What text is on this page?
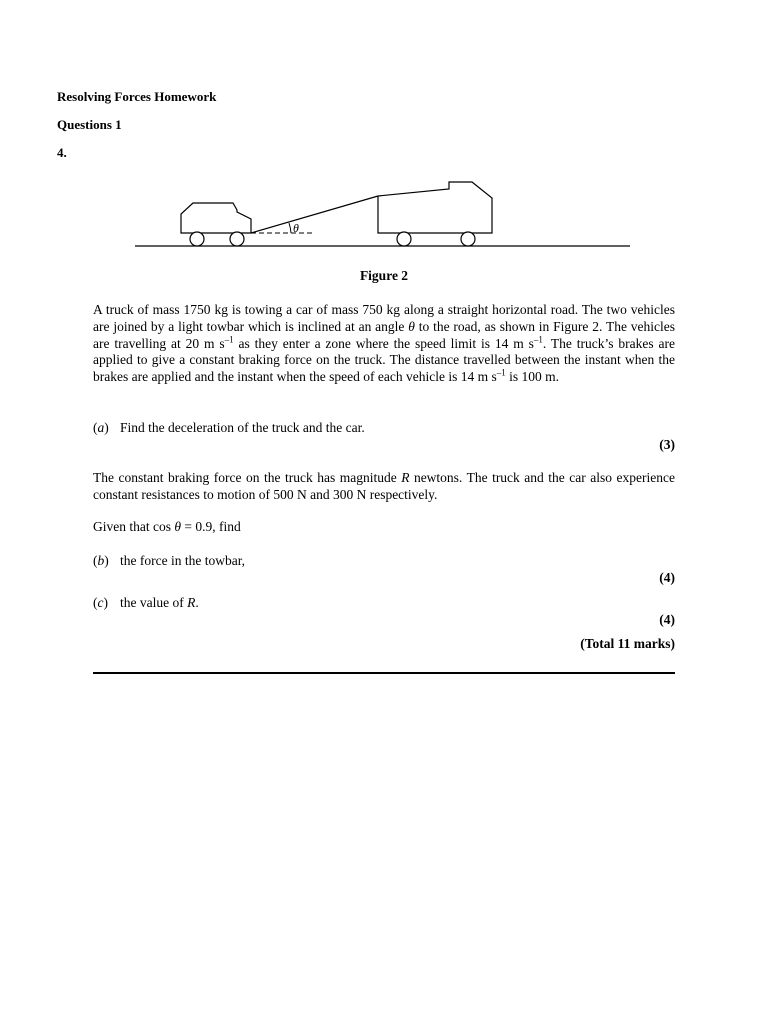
Resolving Forces Homework
Questions 1
4.
θ
Figure 2

A truck of mass 1750 kg is towing a car of mass 750 kg along a straight horizontal road. The two vehicles are joined by a light towbar which is inclined at an angle θ to the road, as shown in Figure 2. The vehicles are travelling at 20 m $s^{-1}$ as they enter a zone where the speed limit is 14 m $s^{-1}$. The truck’s brakes are applied to give a constant braking force on the truck. The distance travelled between the instant when the brakes are applied and the instant when the speed of each vehicle is 14 m $s^{-1}$ is 100 m.

(a) Find the deceleration of the truck and the car.
(3)

The constant braking force on the truck has magnitude R newtons. The truck and the car also experience constant resistances to motion of 500 N and 300 N respectively.

Given that cos θ = 0.9, find
(b) the force in the towbar,
(4)
(c) the value of R.
(4)
(Total 11 marks)
